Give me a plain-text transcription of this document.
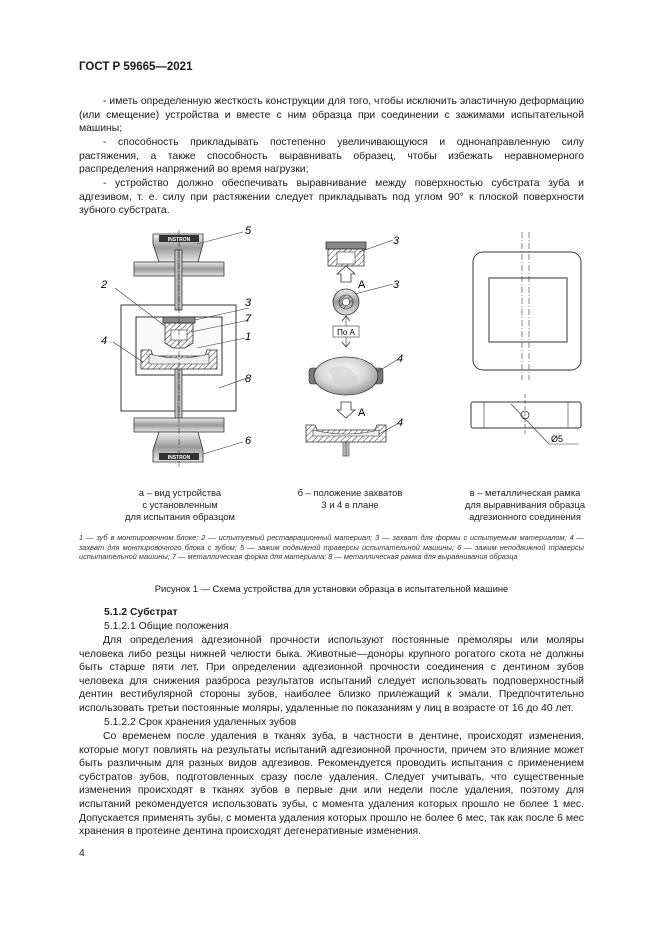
ГОСТ Р 59665—2021
- иметь определенную жесткость конструкции для того, чтобы исключить эластичную деформацию (или смещение) устройства и вместе с ним образца при соединении с зажимами испытательной машины;
- способность прикладывать постепенно увеличивающуюся и однонаправленную силу растяжения, а также способность выравнивать образец, чтобы избежать неравномерного распределения напряжений во время нагрузки;
- устройство должно обеспечивать выравнивание между поверхностью субстрата зуба и адгезивом, т. е. силу при растяжении следует прикладывать под углом 90° к плоской поверхности зубного субстрата.
INSTRON
INSTRON
5
2
3
7
1
4
8
6
3
А	3
По А
4
А
4
Ø5
а – вид устройства
с установленным
для испытания образцом
б – положение захватов
3 и 4 в плане
в – металлическая рамка
для выравнивания образца
адгезионного соединения
1 — зуб в монтировочном блоке; 2 — испытуемый реставрационный материал; 3 — захват для формы с испытуемым материалом; 4 — захват для монтировочного блока с зубом; 5 — зажим подвижной траверсы испытательной машины; 6 — зажим неподвижной траверсы испытательной машины; 7 — металлическая форма для материала; 8 — металлическая рамка для выравнивания образца
Рисунок 1 — Схема устройства для установки образца в испытательной машине
5.1.2 Субстрат
5.1.2.1 Общие положения
Для определения адгезионной прочности используют постоянные премоляры или моляры человека либо резцы нижней челюсти быка. Животные—доноры крупного рогатого скота не должны быть старше пяти лет. При определении адгезионной прочности соединения с дентином зубов человека для снижения разброса результатов испытаний следует использовать подповерхностный дентин вестибулярной стороны зубов, наиболее близко прилежащий к эмали. Предпочтительно использовать третьи постоянные моляры, удаленные по показаниям у лиц в возрасте от 16 до 40 лет.
5.1.2.2 Срок хранения удаленных зубов
Со временем после удаления в тканях зуба, в частности в дентине, происходят изменения, которые могут повлиять на результаты испытаний адгезионной прочности, причем это влияние может быть различным для разных видов адгезивов. Рекомендуется проводить испытания с применением субстратов зубов, подготовленных сразу после удаления. Следует учитывать, что существенные изменения происходят в тканях зубов в первые дни или недели после удаления, поэтому для испытаний рекомендуется использовать зубы, с момента удаления которых прошло не более 1 мес. Допускается применять зубы, с момента удаления которых прошло не более 6 мес, так как после 6 мес хранения в протеине дентина происходят дегенеративные изменения.
4
